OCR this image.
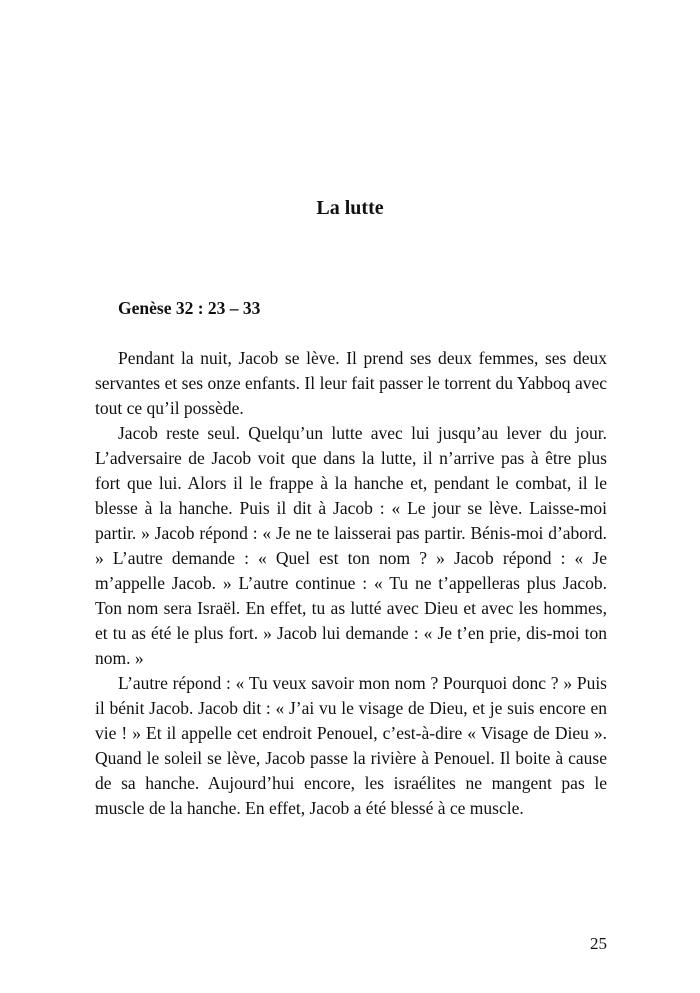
La lutte
Genèse 32 : 23 – 33

Pendant la nuit, Jacob se lève. Il prend ses deux femmes, ses deux servantes et ses onze enfants. Il leur fait passer le torrent du Yabboq avec tout ce qu’il possède.

Jacob reste seul. Quelqu’un lutte avec lui jusqu’au lever du jour. L’adversaire de Jacob voit que dans la lutte, il n’arrive pas à être plus fort que lui. Alors il le frappe à la hanche et, pendant le combat, il le blesse à la hanche. Puis il dit à Jacob : « Le jour se lève. Laisse-moi partir. » Jacob répond : « Je ne te laisserai pas partir. Bénis-moi d’abord. » L’autre demande : « Quel est ton nom ? » Jacob répond : « Je m’appelle Jacob. » L’autre continue : « Tu ne t’appelleras plus Jacob. Ton nom sera Israël. En effet, tu as lutté avec Dieu et avec les hommes, et tu as été le plus fort. » Jacob lui demande : « Je t’en prie, dis-moi ton nom. »

L’autre répond : « Tu veux savoir mon nom ? Pourquoi donc ? » Puis il bénit Jacob. Jacob dit : « J’ai vu le visage de Dieu, et je suis encore en vie ! » Et il appelle cet endroit Penouel, c’est-à-dire « Visage de Dieu ». Quand le soleil se lève, Jacob passe la rivière à Penouel. Il boite à cause de sa hanche. Aujourd’hui encore, les israélites ne mangent pas le muscle de la hanche. En effet, Jacob a été blessé à ce muscle.

25
